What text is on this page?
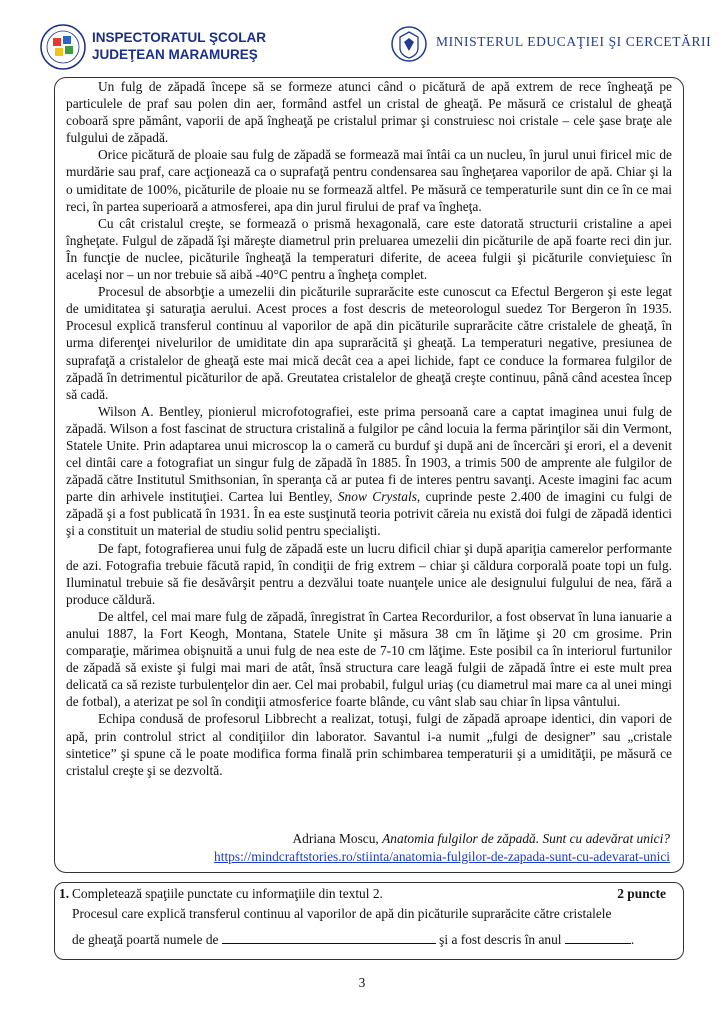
INSPECTORATUL ŞCOLAR
JUDEŢEAN MARAMUREŞ
MINISTERUL EDUCAŢIEI ŞI CERCETĂRII

Un fulg de zăpadă începe să se formeze atunci când o picătură de apă extrem de rece îngheaţă pe particulele de praf sau polen din aer, formând astfel un cristal de gheaţă. Pe măsură ce cristalul de gheaţă coboară spre pământ, vaporii de apă îngheaţă pe cristalul primar şi construiesc noi cristale – cele şase braţe ale fulgului de zăpadă.

Orice picătură de ploaie sau fulg de zăpadă se formează mai întâi ca un nucleu, în jurul unui firicel mic de murdărie sau praf, care acţionează ca o suprafaţă pentru condensarea sau îngheţarea vaporilor de apă. Chiar şi la o umiditate de 100%, picăturile de ploaie nu se formează altfel. Pe măsură ce temperaturile sunt din ce în ce mai reci, în partea superioară a atmosferei, apa din jurul firului de praf va îngheţa.

Cu cât cristalul creşte, se formează o prismă hexagonală, care este datorată structurii cristaline a apei îngheţate. Fulgul de zăpadă îşi măreşte diametrul prin preluarea umezelii din picăturile de apă foarte reci din jur. În funcţie de nuclee, picăturile îngheaţă la temperaturi diferite, de aceea fulgii şi picăturile convieţuiesc în acelaşi nor – un nor trebuie să aibă -40°C pentru a îngheţa complet.

Procesul de absorbţie a umezelii din picăturile suprarăcite este cunoscut ca Efectul Bergeron şi este legat de umiditatea şi saturaţia aerului. Acest proces a fost descris de meteorologul suedez Tor Bergeron în 1935. Procesul explică transferul continuu al vaporilor de apă din picăturile suprarăcite către cristalele de gheaţă, în urma diferenţei nivelurilor de umiditate din apa suprarăcită şi gheaţă. La temperaturi negative, presiunea de suprafaţă a cristalelor de gheaţă este mai mică decât cea a apei lichide, fapt ce conduce la formarea fulgilor de zăpadă în detrimentul picăturilor de apă. Greutatea cristalelor de gheaţă creşte continuu, până când acestea încep să cadă.

Wilson A. Bentley, pionierul microfotografiei, este prima persoană care a captat imaginea unui fulg de zăpadă. Wilson a fost fascinat de structura cristalină a fulgilor pe când locuia la ferma părinţilor săi din Vermont, Statele Unite. Prin adaptarea unui microscop la o cameră cu burduf şi după ani de încercări şi erori, el a devenit cel dintâi care a fotografiat un singur fulg de zăpadă în 1885. În 1903, a trimis 500 de amprente ale fulgilor de zăpadă către Institutul Smithsonian, în speranţa că ar putea fi de interes pentru savanţi. Aceste imagini fac acum parte din arhivele instituţiei. Cartea lui Bentley, Snow Crystals, cuprinde peste 2.400 de imagini cu fulgi de zăpadă şi a fost publicată în 1931. În ea este susţinută teoria potrivit căreia nu există doi fulgi de zăpadă identici şi a constituit un material de studiu solid pentru specialişti.

De fapt, fotografierea unui fulg de zăpadă este un lucru dificil chiar şi după apariţia camerelor performante de azi. Fotografia trebuie făcută rapid, în condiţii de frig extrem – chiar şi căldura corporală poate topi un fulg. Iluminatul trebuie să fie desăvârşit pentru a dezvălui toate nuanţele unice ale designului fulgului de nea, fără a produce căldură.

De altfel, cel mai mare fulg de zăpadă, înregistrat în Cartea Recordurilor, a fost observat în luna ianuarie a anului 1887, la Fort Keogh, Montana, Statele Unite şi măsura 38 cm în lăţime şi 20 cm grosime. Prin comparaţie, mărimea obişnuită a unui fulg de nea este de 7-10 cm lăţime. Este posibil ca în interiorul furtunilor de zăpadă să existe şi fulgi mai mari de atât, însă structura care leagă fulgii de zăpadă între ei este mult prea delicată ca să reziste turbulenţelor din aer. Cel mai probabil, fulgul uriaş (cu diametrul mai mare ca al unei mingi de fotbal), a aterizat pe sol în condiţii atmosferice foarte blânde, cu vânt slab sau chiar în lipsa vântului.

Echipa condusă de profesorul Libbrecht a realizat, totuşi, fulgi de zăpadă aproape identici, din vapori de apă, prin controlul strict al condiţiilor din laborator. Savantul i-a numit „fulgi de designer” sau „cristale sintetice” şi spune că le poate modifica forma finală prin schimbarea temperaturii şi a umidităţii, pe măsură ce cristalul creşte şi se dezvoltă.

Adriana Moscu, Anatomia fulgilor de zăpadă. Sunt cu adevărat unici?
https://mindcraftstories.ro/stiinta/anatomia-fulgilor-de-zapada-sunt-cu-adevarat-unici
1. Completează spaţiile punctate cu informaţiile din textul 2.	2 puncte
Procesul care explică transferul continuu al vaporilor de apă din picăturile suprarăcite către cristalele
de gheaţă poartă numele de	şi a fost descris în anul	.
3
